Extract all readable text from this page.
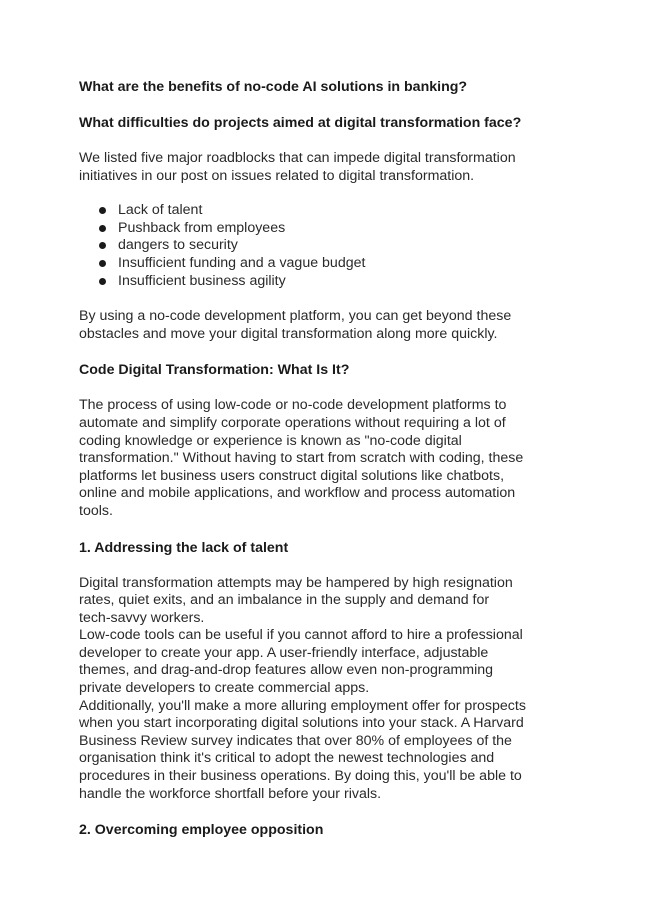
What are the benefits of no-code AI solutions in banking?

What difficulties do projects aimed at digital transformation face?

We listed five major roadblocks that can impede digital transformation
initiatives in our post on issues related to digital transformation.

Lack of talent
Pushback from employees
dangers to security
Insufficient funding and a vague budget
Insufficient business agility

By using a no-code development platform, you can get beyond these
obstacles and move your digital transformation along more quickly.

Code Digital Transformation: What Is It?

The process of using low-code or no-code development platforms to
automate and simplify corporate operations without requiring a lot of
coding knowledge or experience is known as "no-code digital
transformation." Without having to start from scratch with coding, these
platforms let business users construct digital solutions like chatbots,
online and mobile applications, and workflow and process automation
tools.

1. Addressing the lack of talent

Digital transformation attempts may be hampered by high resignation
rates, quiet exits, and an imbalance in the supply and demand for
tech-savvy workers.
Low-code tools can be useful if you cannot afford to hire a professional
developer to create your app. A user-friendly interface, adjustable
themes, and drag-and-drop features allow even non-programming
private developers to create commercial apps.
Additionally, you'll make a more alluring employment offer for prospects
when you start incorporating digital solutions into your stack. A Harvard
Business Review survey indicates that over 80% of employees of the
organisation think it's critical to adopt the newest technologies and
procedures in their business operations. By doing this, you'll be able to
handle the workforce shortfall before your rivals.

2. Overcoming employee opposition
